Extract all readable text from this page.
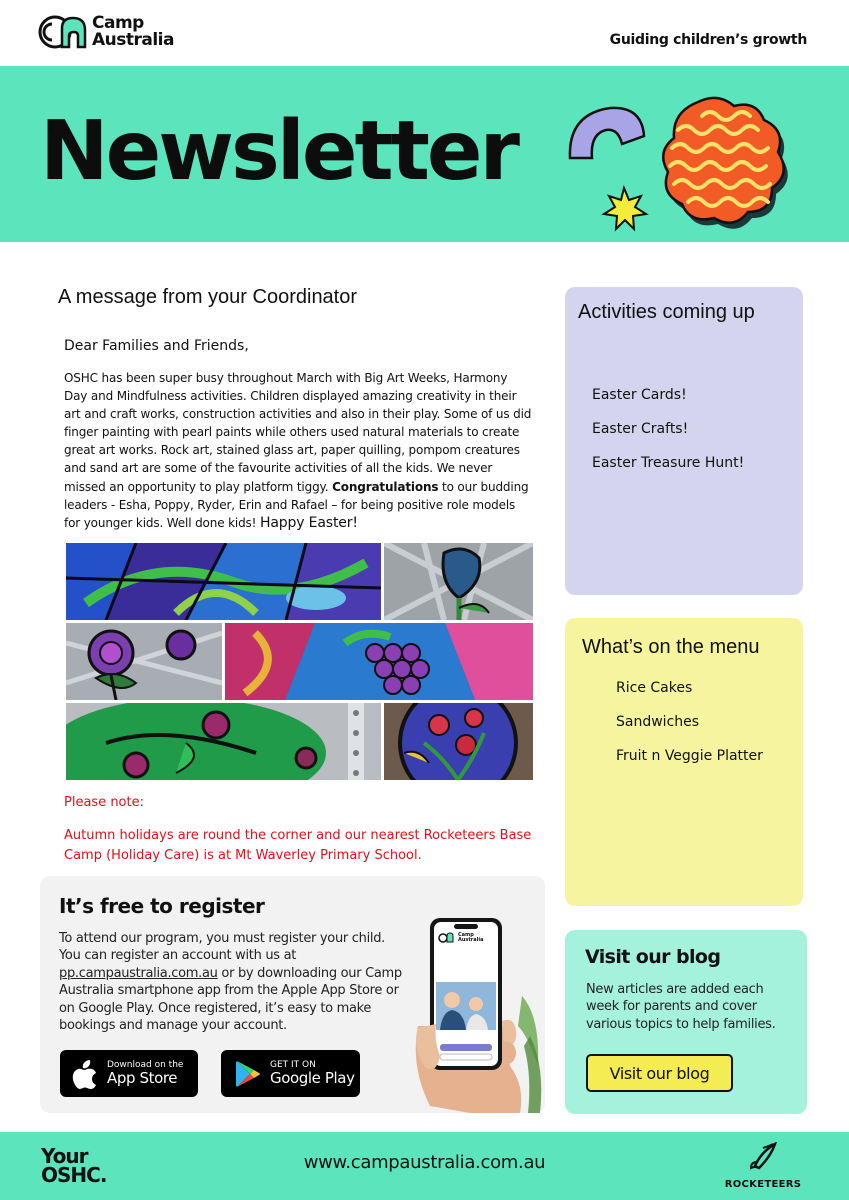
Camp
Australia	Guiding children’s growth
Newsletter
A message from your Coordinator
Dear Families and Friends,
OSHC has been super busy throughout March with Big Art Weeks, Harmony Day and Mindfulness activities. Children displayed amazing creativity in their art and craft works, construction activities and also in their play. Some of us did finger painting with pearl paints while others used natural materials to create great art works. Rock art, stained glass art, paper quilling, pompom creatures and sand art are some of the favourite activities of all the kids. We never missed an opportunity to play platform tiggy. Congratulations to our budding leaders - Esha, Poppy, Ryder, Erin and Rafael – for being positive role models for younger kids. Well done kids! Happy Easter!
Please note:
Autumn holidays are round the corner and our nearest Rocketeers Base Camp (Holiday Care) is at Mt Waverley Primary School.
It’s free to register
To attend our program, you must register your child. You can register an account with us at pp.campaustralia.com.au or by downloading our Camp Australia smartphone app from the Apple App Store or on Google Play. Once registered, it’s easy to make bookings and manage your account.
Download on the
App Store
GET IT ON
Google Play
Camp
Australia
Activities coming up
Easter Cards!
Easter Crafts!
Easter Treasure Hunt!
What’s on the menu
Rice Cakes
Sandwiches
Fruit n Veggie Platter
Visit our blog
New articles are added each week for parents and cover various topics to help families.
Visit our blog
Your
OSHC.
www.campaustralia.com.au
ROCKETEERS
